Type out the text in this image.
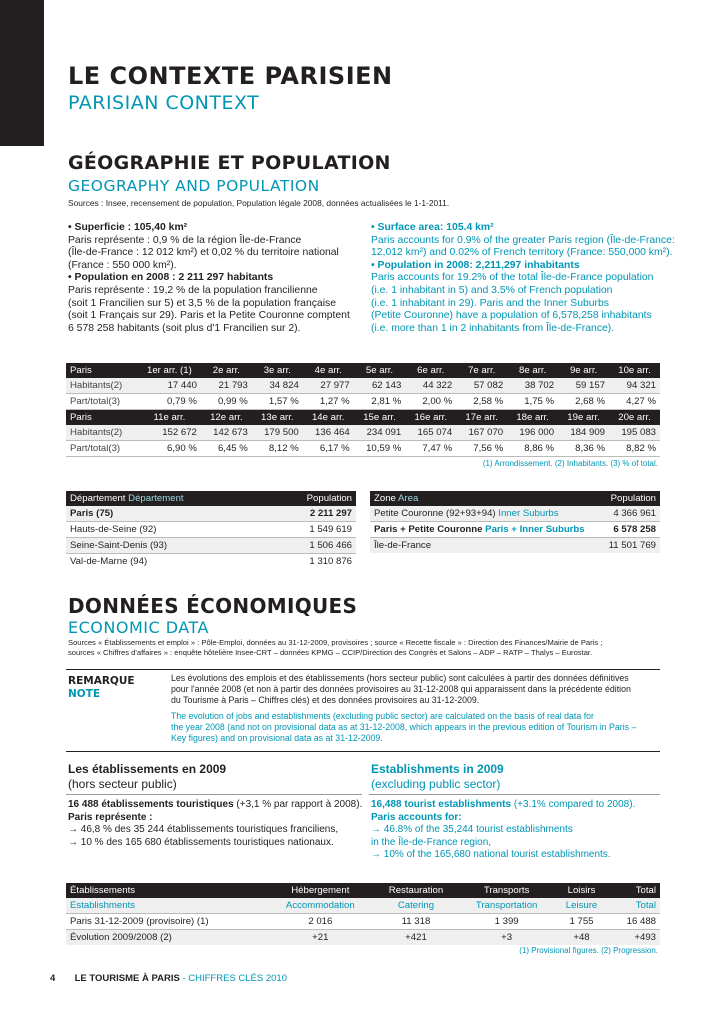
LE CONTEXTE PARISIEN
PARISIAN CONTEXT
GÉOGRAPHIE ET POPULATION
GEOGRAPHY AND POPULATION
Sources : Insee, recensement de population, Population légale 2008, données actualisées le 1-1-2011.
• Superficie : 105,40 km²
Paris représente : 0,9 % de la région Île-de-France
(Île-de-France : 12 012 km²) et 0,02 % du territoire national
(France : 550 000 km²).
• Population en 2008 : 2 211 297 habitants
Paris représente : 19,2 % de la population francilienne
(soit 1 Francilien sur 5) et 3,5 % de la population française
(soit 1 Français sur 29). Paris et la Petite Couronne comptent
6 578 258 habitants (soit plus d'1 Francilien sur 2).
• Surface area: 105.4 km²
Paris accounts for 0.9% of the greater Paris region (Île-de-France:
12,012 km²) and 0.02% of French territory (France: 550,000 km²).
• Population in 2008: 2,211,297 inhabitants
Paris accounts for 19.2% of the total Île-de-France population
(i.e. 1 inhabitant in 5) and 3.5% of French population
(i.e. 1 inhabitant in 29). Paris and the Inner Suburbs
(Petite Couronne) have a population of 6,578,258 inhabitants
(i.e. more than 1 in 2 inhabitants from Île-de-France).
Paris	1er arr. (1)	2e arr.	3e arr.	4e arr.	5e arr.	6e arr.	7e arr.	8e arr.	9e arr.	10e arr.
Habitants(2)	17 440	21 793	34 824	27 977	62 143	44 322	57 082	38 702	59 157	94 321
Part/total(3)	0,79 %	0,99 %	1,57 %	1,27 %	2,81 %	2,00 %	2,58 %	1,75 %	2,68 %	4,27 %
Paris	11e arr.	12e arr.	13e arr.	14e arr.	15e arr.	16e arr.	17e arr.	18e arr.	19e arr.	20e arr.
Habitants(2)	152 672	142 673	179 500	136 464	234 091	165 074	167 070	196 000	184 909	195 083
Part/total(3)	6,90 %	6,45 %	8,12 %	6,17 %	10,59 %	7,47 %	7,56 %	8,86 %	8,36 %	8,82 %
(1) Arrondissement. (2) Inhabitants. (3) % of total.
Département Département	Population
Paris (75)	2 211 297
Hauts-de-Seine (92)	1 549 619
Seine-Saint-Denis (93)	1 506 466
Val-de-Marne (94)	1 310 876
Zone Area	Population
Petite Couronne (92+93+94) Inner Suburbs	4 366 961
Paris + Petite Couronne Paris + Inner Suburbs	6 578 258
Île-de-France	11 501 769
DONNÉES ÉCONOMIQUES
ECONOMIC DATA
Sources « Établissements et emploi » : Pôle-Emploi, données au 31-12-2009, provisoires ; source « Recette fiscale » : Direction des Finances/Mairie de Paris ;
sources « Chiffres d'affaires » : enquête hôtelière Insee-CRT – données KPMG – CCIP/Direction des Congrès et Salons – ADP – RATP – Thalys – Eurostar.
REMARQUE
NOTE
Les évolutions des emplois et des établissements (hors secteur public) sont calculées à partir des données définitives
pour l'année 2008 (et non à partir des données provisoires au 31-12-2008 qui apparaissent dans la précédente édition
du Tourisme à Paris – Chiffres clés) et des données provisoires au 31-12-2009.
The evolution of jobs and establishments (excluding public sector) are calculated on the basis of real data for
the year 2008 (and not on provisional data as at 31-12-2008, which appears in the previous edition of Tourism in Paris –
Key figures) and on provisional data as at 31-12-2009.
Les établissements en 2009
(hors secteur public)
Establishments in 2009
(excluding public sector)
16 488 établissements touristiques (+3,1 % par rapport à 2008).
Paris représente :
→ 46,8 % des 35 244 établissements touristiques franciliens,
→ 10 % des 165 680 établissements touristiques nationaux.
16,488 tourist establishments (+3.1% compared to 2008).
Paris accounts for:
→ 46.8% of the 35,244 tourist establishments
in the Île-de-France region,
→ 10% of the 165,680 national tourist establishments.
Établissements	Hébergement	Restauration	Transports	Loisirs	Total
Establishments	Accommodation	Catering	Transportation	Leisure	Total
Paris 31-12-2009 (provisoire) (1)	2 016	11 318	1 399	1 755	16 488
Évolution 2009/2008 (2)	+21	+421	+3	+48	+493
(1) Provisional figures. (2) Progression.
4 LE TOURISME À PARIS - CHIFFRES CLÉS 2010
